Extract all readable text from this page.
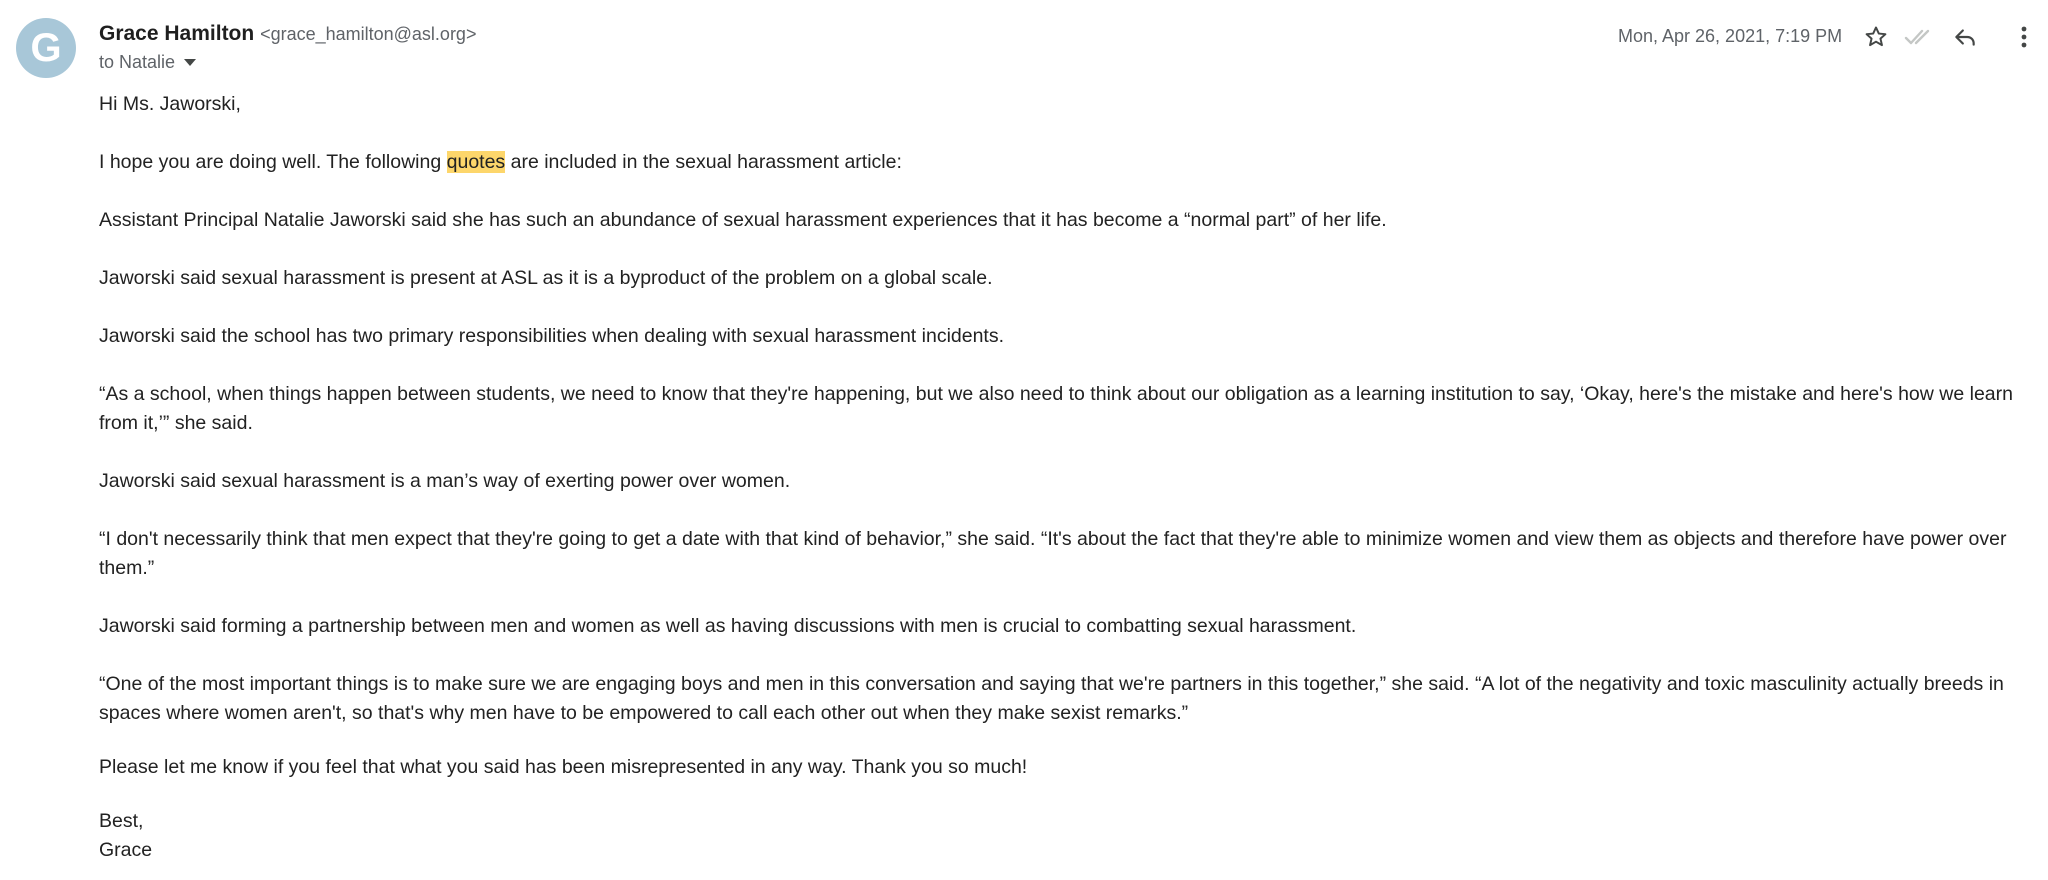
G	Grace Hamilton <grace_hamilton@asl.org>
to Natalie
Mon, Apr 26, 2021, 7:19 PM

Hi Ms. Jaworski,

I hope you are doing well. The following quotes are included in the sexual harassment article:

Assistant Principal Natalie Jaworski said she has such an abundance of sexual harassment experiences that it has become a “normal part” of her life.

Jaworski said sexual harassment is present at ASL as it is a byproduct of the problem on a global scale.

Jaworski said the school has two primary responsibilities when dealing with sexual harassment incidents.

“As a school, when things happen between students, we need to know that they're happening, but we also need to think about our obligation as a learning institution to say, ‘Okay, here's the mistake and here's how we learn from it,’” she said.

Jaworski said sexual harassment is a man’s way of exerting power over women.

“I don't necessarily think that men expect that they're going to get a date with that kind of behavior,” she said. “It's about the fact that they're able to minimize women and view them as objects and therefore have power over them.”

Jaworski said forming a partnership between men and women as well as having discussions with men is crucial to combatting sexual harassment.

“One of the most important things is to make sure we are engaging boys and men in this conversation and saying that we're partners in this together,” she said. “A lot of the negativity and toxic masculinity actually breeds in spaces where women aren't, so that's why men have to be empowered to call each other out when they make sexist remarks.”

Please let me know if you feel that what you said has been misrepresented in any way. Thank you so much!

Best,

Grace
